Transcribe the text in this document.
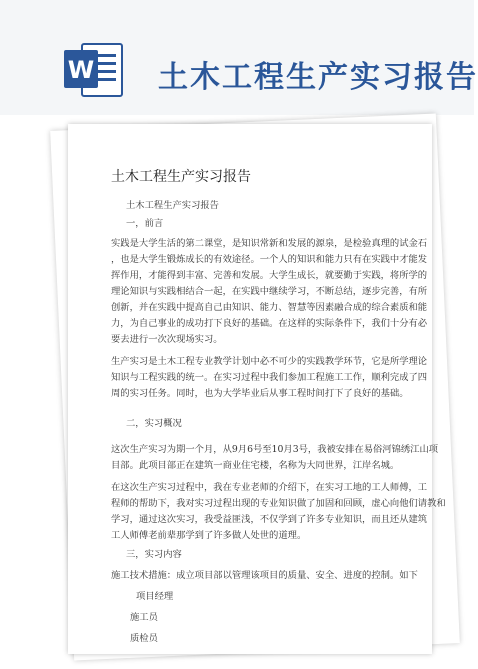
W 土木工程生产实习报告
土木工程生产实习报告
土木工程生产实习报告
一，前言
实践是大学生活的第二课堂，是知识常新和发展的源泉，是检验真理的试金石
，也是大学生锻炼成长的有效途径。一个人的知识和能力只有在实践中才能发
挥作用，才能得到丰富、完善和发展。大学生成长，就要勤于实践，将所学的
理论知识与实践相结合一起，在实践中继续学习，不断总结，逐步完善，有所
创新，并在实践中提高自己由知识、能力、智慧等因素融合成的综合素质和能
力，为自己事业的成功打下良好的基础。在这样的实际条件下，我们十分有必
要去进行一次次现场实习。
生产实习是土木工程专业教学计划中必不可少的实践教学环节，它是所学理论
知识与工程实践的统一。在实习过程中我们参加工程施工工作，顺利完成了四
周的实习任务。同时，也为大学毕业后从事工程时间打下了良好的基础。
二，实习概况
这次生产实习为期一个月，从9月6号至10月3号，我被安排在易俗河锦绣江山项
目部。此项目部正在建筑一商业住宅楼，名称为大同世界，江岸名城。
在这次生产实习过程中，我在专业老师的介绍下，在实习工地的工人师傅，工
程师的帮助下，我对实习过程出现的专业知识做了加固和回顾，虚心向他们请教和
学习，通过这次实习，我受益匪浅，不仅学到了许多专业知识，而且还从建筑
工人师傅老前辈那学到了许多做人处世的道理。
三，实习内容
施工技术措施：成立项目部以管理该项目的质量、安全、进度的控制。如下
项目经理
施工员
质检员
